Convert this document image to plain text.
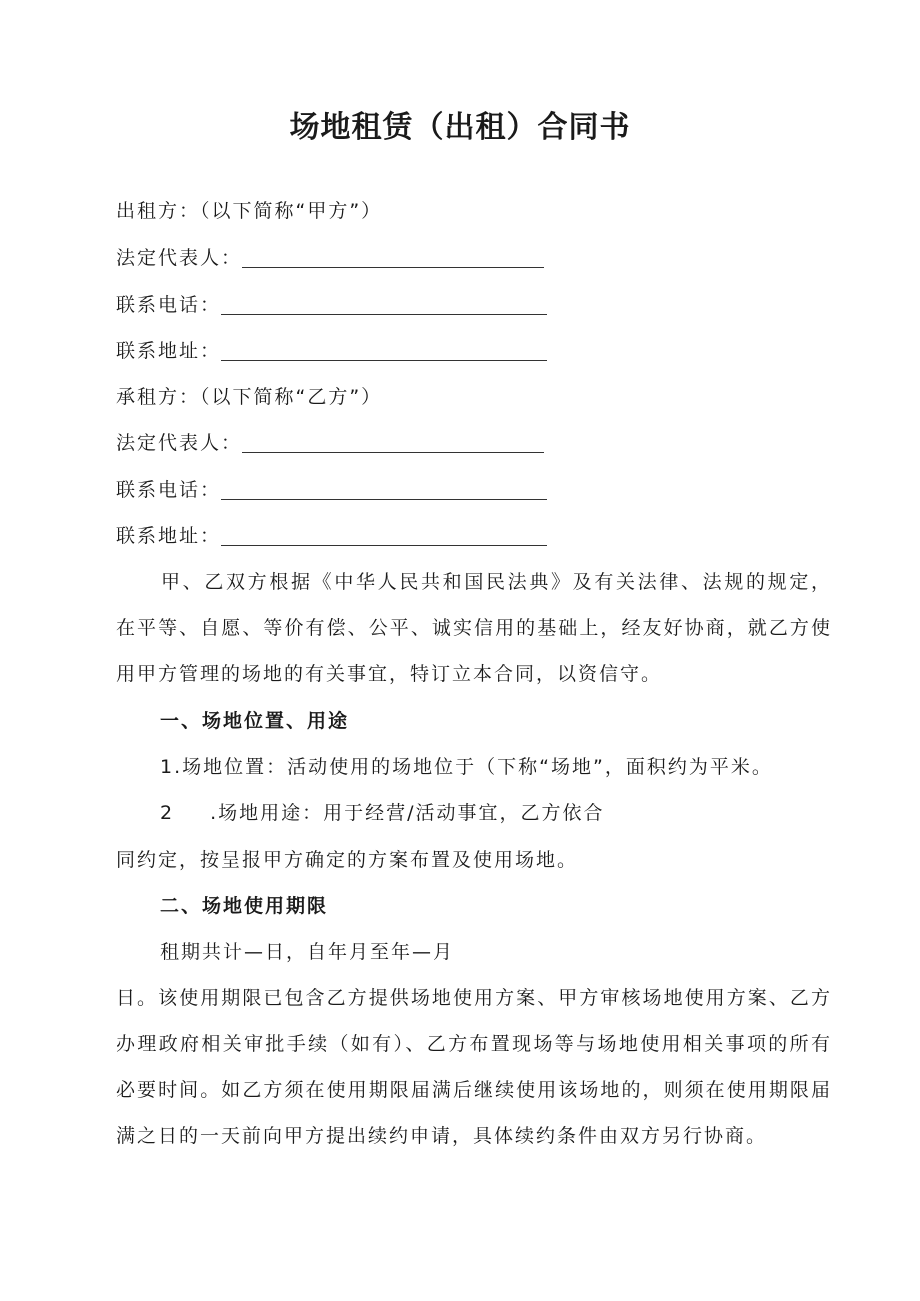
场地租赁（出租）合同书
出租方：（以下简称“甲方”）
法定代表人：
联系电话：
联系地址：
承租方：（以下简称“乙方”）
法定代表人：
联系电话：
联系地址：
甲、乙双方根据《中华人民共和国民法典》及有关法律、法规的规定，在平等、自愿、等价有偿、公平、诚实信用的基础上，经友好协商，就乙方使用甲方管理的场地的有关事宜，特订立本合同，以资信守。
一、场地位置、用途
1.场地位置：活动使用的场地位于（下称“场地”，面积约为平米。
2 .场地用途：用于经营/活动事宜，乙方依合
同约定，按呈报甲方确定的方案布置及使用场地。
二、场地使用期限
租期共计—日，自年月至年—月
日。该使用期限已包含乙方提供场地使用方案、甲方审核场地使用方案、乙方办理政府相关审批手续（如有）、乙方布置现场等与场地使用相关事项的所有必要时间。如乙方须在使用期限届满后继续使用该场地的，则须在使用期限届满之日的一天前向甲方提出续约申请，具体续约条件由双方另行协商。
